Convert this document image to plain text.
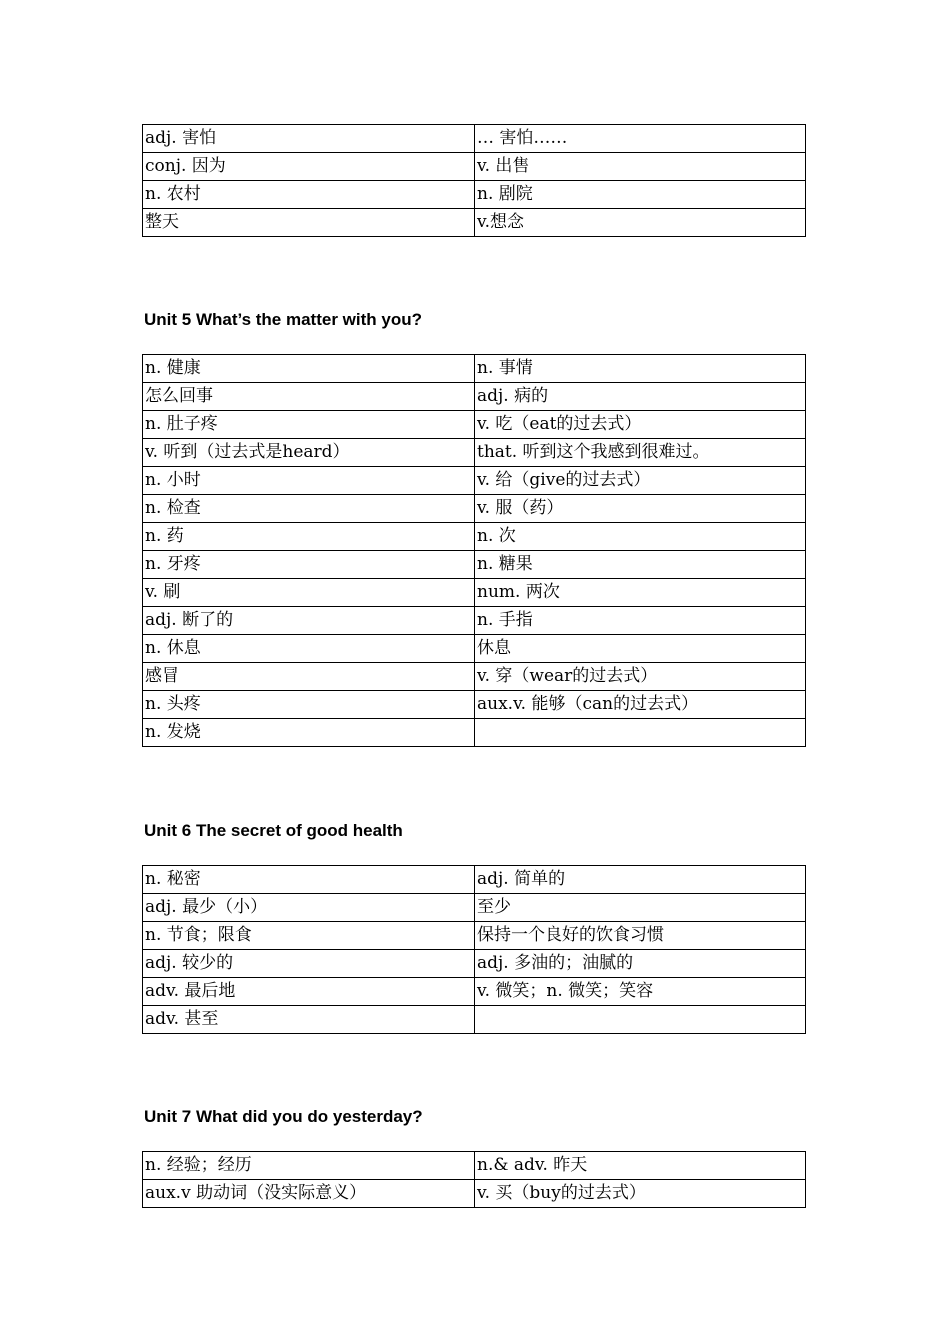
adj. 害怕	… 害怕……
conj. 因为	v. 出售
n. 农村	n. 剧院
整天	v.想念
Unit 5 What’s the matter with you?
n. 健康	n. 事情
怎么回事	adj. 病的
n. 肚子疼	v. 吃（eat的过去式）
v. 听到（过去式是heard）	that. 听到这个我感到很难过。
n. 小时	v. 给（give的过去式）
n. 检查	v. 服（药）
n. 药	n. 次
n. 牙疼	n. 糖果
v. 刷	num. 两次
adj. 断了的	n. 手指
n. 休息	休息
感冒	v. 穿（wear的过去式）
n. 头疼	aux.v. 能够（can的过去式）
n. 发烧	
Unit 6 The secret of good health
n. 秘密	adj. 简单的
adj. 最少（小）	至少
n. 节食；限食	保持一个良好的饮食习惯
adj. 较少的	adj. 多油的；油腻的
adv. 最后地	v. 微笑；n. 微笑；笑容
adv. 甚至	
Unit 7 What did you do yesterday?
n. 经验；经历	n.& adv. 昨天
aux.v 助动词（没实际意义）	v. 买（buy的过去式）
